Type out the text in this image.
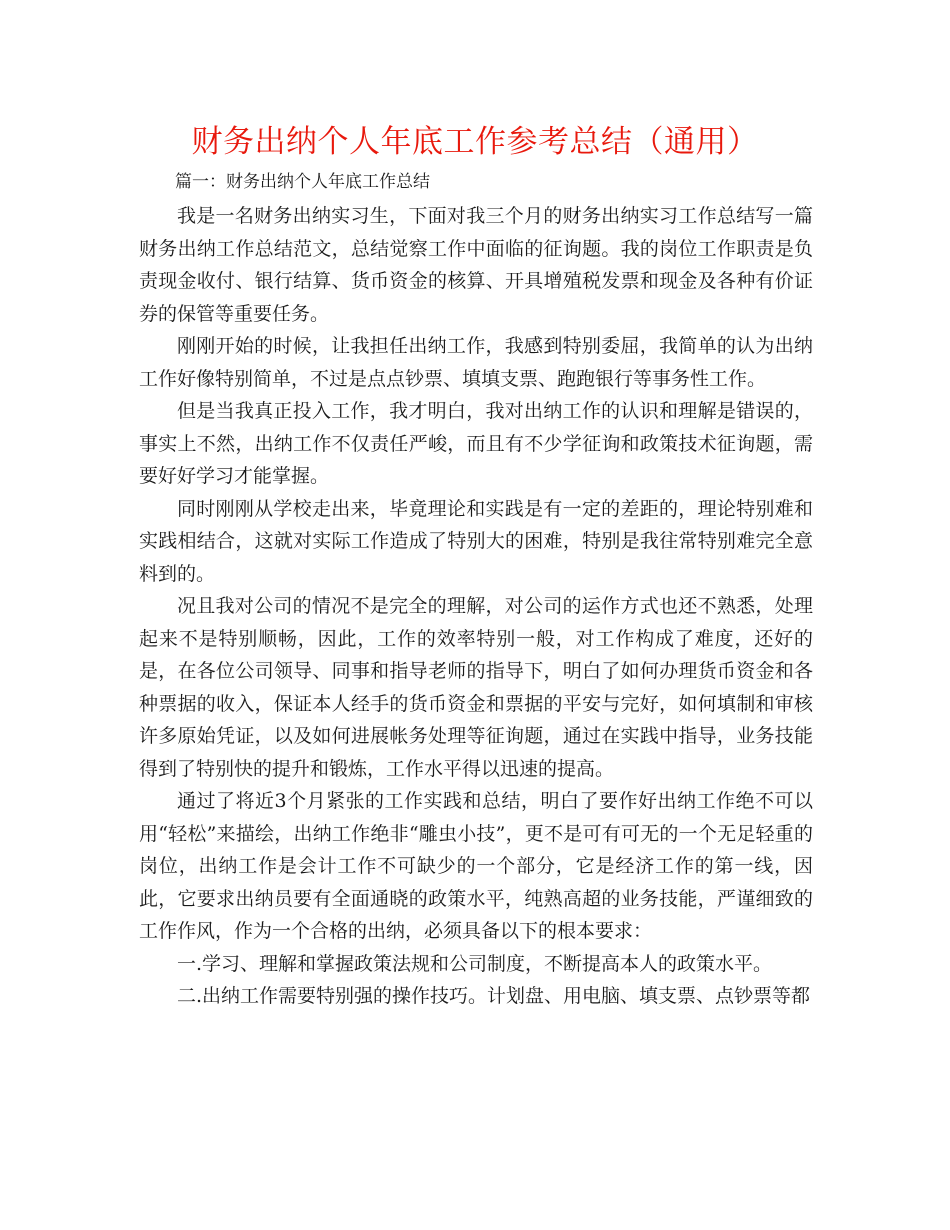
财务出纳个人年底工作参考总结（通用）
篇一：财务出纳个人年底工作总结

我是一名财务出纳实习生，下面对我三个月的财务出纳实习工作总结写一篇财务出纳工作总结范文，总结觉察工作中面临的征询题。我的岗位工作职责是负责现金收付、银行结算、货币资金的核算、开具增殖税发票和现金及各种有价证券的保管等重要任务。

刚刚开始的时候，让我担任出纳工作，我感到特别委屈，我简单的认为出纳工作好像特别简单，不过是点点钞票、填填支票、跑跑银行等事务性工作。

但是当我真正投入工作，我才明白，我对出纳工作的认识和理解是错误的，事实上不然，出纳工作不仅责任严峻，而且有不少学征询和政策技术征询题，需要好好学习才能掌握。

同时刚刚从学校走出来，毕竟理论和实践是有一定的差距的，理论特别难和实践相结合，这就对实际工作造成了特别大的困难，特别是我往常特别难完全意料到的。

况且我对公司的情况不是完全的理解，对公司的运作方式也还不熟悉，处理起来不是特别顺畅，因此，工作的效率特别一般，对工作构成了难度，还好的是，在各位公司领导、同事和指导老师的指导下，明白了如何办理货币资金和各种票据的收入，保证本人经手的货币资金和票据的平安与完好，如何填制和审核许多原始凭证，以及如何进展帐务处理等征询题，通过在实践中指导，业务技能得到了特别快的提升和锻炼，工作水平得以迅速的提高。

通过了将近3个月紧张的工作实践和总结，明白了要作好出纳工作绝不可以用“轻松”来描绘，出纳工作绝非“雕虫小技”，更不是可有可无的一个无足轻重的岗位，出纳工作是会计工作不可缺少的一个部分，它是经济工作的第一线，因此，它要求出纳员要有全面通晓的政策水平，纯熟高超的业务技能，严谨细致的工作作风，作为一个合格的出纳，必须具备以下的根本要求：

一.学习、理解和掌握政策法规和公司制度，不断提高本人的政策水平。

二.出纳工作需要特别强的操作技巧。计划盘、用电脑、填支票、点钞票等都
